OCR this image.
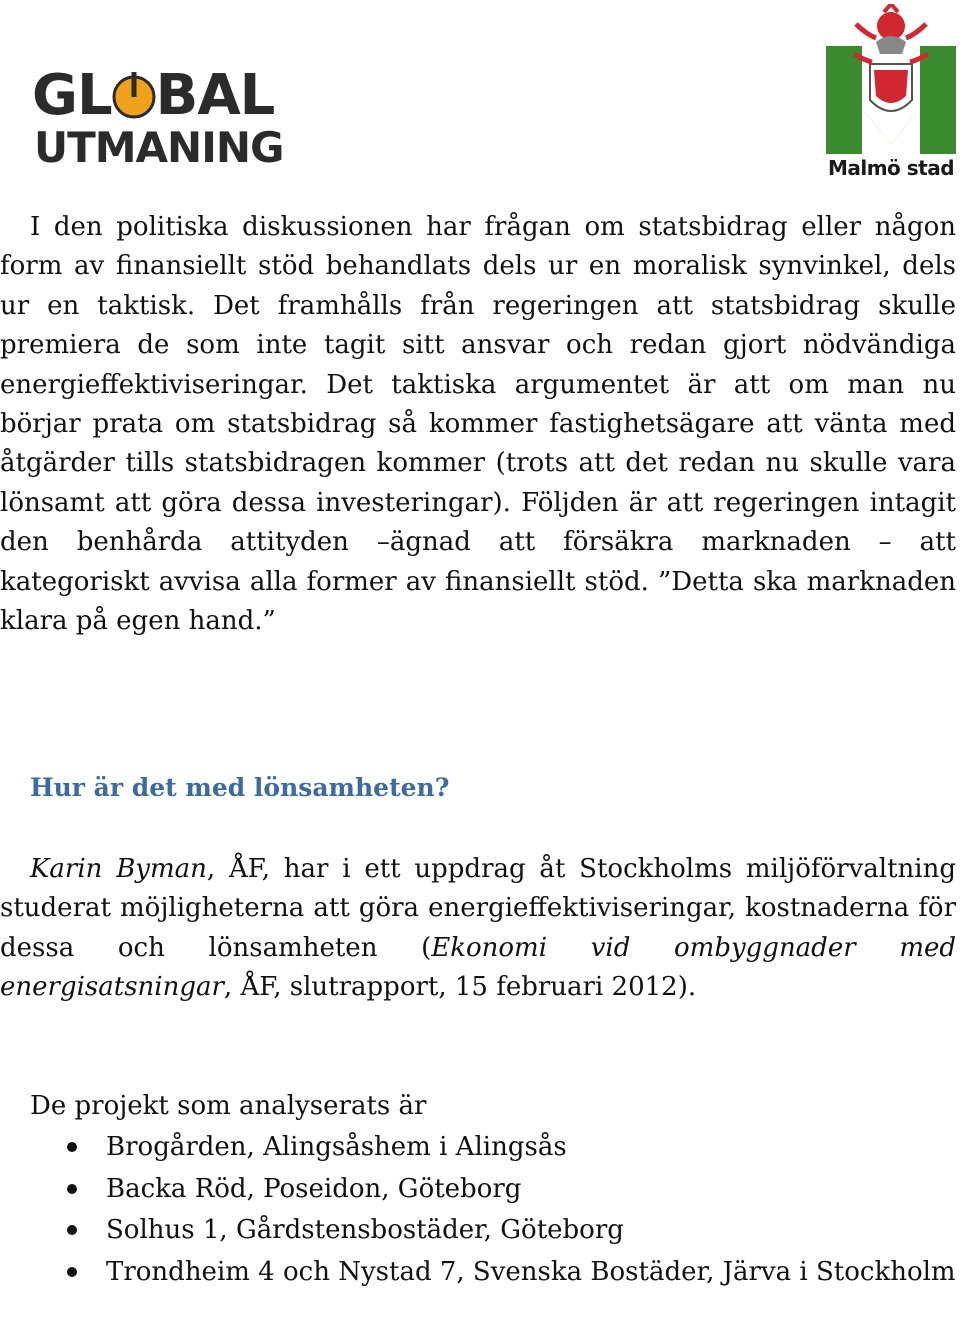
GL BAL
UTMANING	Malmö stad

I den politiska diskussionen har frågan om statsbidrag eller någon form av finansiellt stöd behandlats dels ur en moralisk synvinkel, dels ur en taktisk. Det framhålls från regeringen att statsbidrag skulle premiera de som inte tagit sitt ansvar och redan gjort nödvändiga energieffektiviseringar. Det taktiska argumentet är att om man nu börjar prata om statsbidrag så kommer fastighetsägare att vänta med åtgärder tills statsbidragen kommer (trots att det redan nu skulle vara lönsamt att göra dessa investeringar). Följden är att regeringen intagit den benhårda attityden –ägnad att försäkra marknaden – att kategoriskt avvisa alla former av finansiellt stöd. ”Detta ska marknaden klara på egen hand.”

Hur är det med lönsamheten?

Karin Byman, ÅF, har i ett uppdrag åt Stockholms miljöförvaltning studerat möjligheterna att göra energieffektiviseringar, kostnaderna för dessa och lönsamheten (Ekonomi vid ombyggnader med energisatsningar, ÅF, slutrapport, 15 februari 2012).

De projekt som analyserats är

Brogården, Alingsåshem i Alingsås
Backa Röd, Poseidon, Göteborg
Solhus 1, Gårdstensbostäder, Göteborg
Trondheim 4 och Nystad 7, Svenska Bostäder, Järva i Stockholm
